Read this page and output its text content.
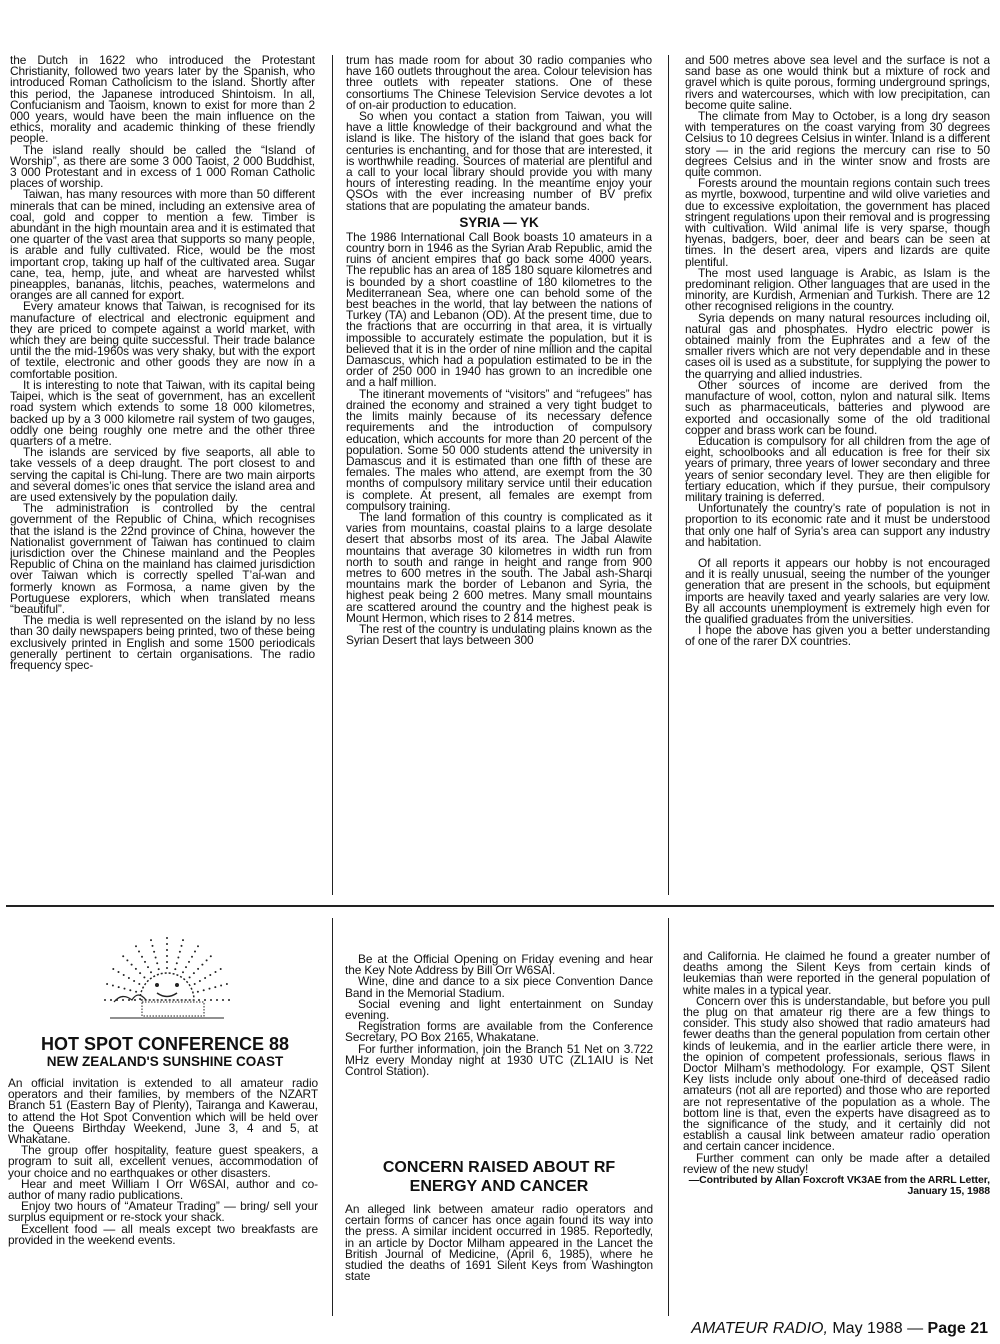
the Dutch in 1622 who introduced the Protestant Christianity, followed two years later by the Spanish, who introduced Roman Catholicism to the island. Shortly after this period, the Japanese introduced Shintoism. In all, Confucianism and Taoism, known to exist for more than 2 000 years, would have been the main influence on the ethics, morality and academic thinking of these friendly people.

The island really should be called the “Island of Worship”, as there are some 3 000 Taoist, 2 000 Buddhist, 3 000 Protestant and in excess of 1 000 Roman Catholic places of worship.

Taiwan, has many resources with more than 50 different minerals that can be mined, including an extensive area of coal, gold and copper to mention a few. Timber is abundant in the high mountain area and it is estimated that one quarter of the vast area that supports so many people, is arable and fully cultivated. Rice, would be the most important crop, taking up half of the cultivated area. Sugar cane, tea, hemp, jute, and wheat are harvested whilst pineapples, bananas, litchis, peaches, watermelons and oranges are all canned for export.

Every amateur knows that Taiwan, is recognised for its manufacture of electrical and electronic equipment and they are priced to compete against a world market, with which they are being quite successful. Their trade balance until the the mid-1960s was very shaky, but with the export of textile, electronic and other goods they are now in a comfortable position.

It is interesting to note that Taiwan, with its capital being Taipei, which is the seat of government, has an excellent road system which extends to some 18 000 kilometres, backed up by a 3 000 kilometre rail system of two gauges, oddly one being roughly one metre and the other three quarters of a metre.

The islands are serviced by five seaports, all able to take vessels of a deep draught. The port closest to and serving the capital is Chi-lung. There are two main airports and several domes’ic ones that service the island area and are used extensively by the population daily.

The administration is controlled by the central government of the Republic of China, which recognises that the island is the 22nd province of China, however the Nationalist government of Taiwan has continued to claim jurisdiction over the Chinese mainland and the Peoples Republic of China on the mainland has claimed jurisdiction over Taiwan which is correctly spelled T’ai-wan and formerly known as Formosa, a name given by the Portuguese explorers, which when translated means “beautiful”.

The media is well represented on the island by no less than 30 daily newspapers being printed, two of these being exclusively printed in English and some 1500 periodicals generally pertinent to certain organisations. The radio frequency spec-

trum has made room for about 30 radio companies who have 160 outlets throughout the area. Colour television has three outlets with repeater stations. One of these consortiums The Chinese Television Service devotes a lot of on-air production to education.

So when you contact a station from Taiwan, you will have a little knowledge of their background and what the island is like. The history of the island that goes back for centuries is enchanting, and for those that are interested, it is worthwhile reading. Sources of material are plentiful and a call to your local library should provide you with many hours of interesting reading. In the meantime enjoy your QSOs with the ever increasing number of BV prefix stations that are populating the amateur bands.

SYRIA — YK

The 1986 International Call Book boasts 10 amateurs in a country born in 1946 as the Syrian Arab Republic, amid the ruins of ancient empires that go back some 4000 years. The republic has an area of 185 180 square kilometres and is bounded by a short coastline of 180 kilometres to the Mediterranean Sea, where one can behold some of the best beaches in the world, that lay between the nations of Turkey (TA) and Lebanon (OD). At the present time, due to the fractions that are occurring in that area, it is virtually impossible to accurately estimate the population, but it is believed that it is in the order of nine million and the capital Damascus, which had a population estimated to be in the order of 250 000 in 1940 has grown to an incredible one and a half million.

The itinerant movements of “visitors” and “refugees” has drained the economy and strained a very tight budget to the limits mainly because of its necessary defence requirements and the introduction of compulsory education, which accounts for more than 20 percent of the population. Some 50 000 students attend the university in Damascus and it is estimated than one fifth of these are females. The males who attend, are exempt from the 30 months of compulsory military service until their education is complete. At present, all females are exempt from compulsory training.

The land formation of this country is complicated as it varies from mountains, coastal plains to a large desolate desert that absorbs most of its area. The Jabal Alawite mountains that average 30 kilometres in width run from north to south and range in height and range from 900 metres to 600 metres in the south. The Jabal ash-Sharqi mountains mark the border of Lebanon and Syria, the highest peak being 2 600 metres. Many small mountains are scattered around the country and the highest peak is Mount Hermon, which rises to 2 814 metres.

The rest of the country is undulating plains known as the Syrian Desert that lays between 300

and 500 metres above sea level and the surface is not a sand base as one would think but a mixture of rock and gravel which is quite porous, forming underground springs, rivers and watercourses, which with low precipitation, can become quite saline.

The climate from May to October, is a long dry season with temperatures on the coast varying from 30 degrees Celsius to 10 degrees Celsius in winter. Inland is a different story — in the arid regions the mercury can rise to 50 degrees Celsius and in the winter snow and frosts are quite common.

Forests around the mountain regions contain such trees as myrtle, boxwood, turpentine and wild olive varieties and due to excessive exploitation, the government has placed stringent regulations upon their removal and is progressing with cultivation. Wild animal life is very sparse, though hyenas, badgers, boer, deer and bears can be seen at times. In the desert area, vipers and lizards are quite plentiful.

The most used language is Arabic, as Islam is the predominant religion. Other languages that are used in the minority, are Kurdish, Armenian and Turkish. There are 12 other recognised religions in the country.

Syria depends on many natural resources including oil, natural gas and phosphates. Hydro electric power is obtained mainly from the Euphrates and a few of the smaller rivers which are not very dependable and in these cases oil is used as a substitute, for supplying the power to the quarrying and allied industries.

Other sources of income are derived from the manufacture of wool, cotton, nylon and natural silk. Items such as pharmaceuticals, batteries and plywood are exported and occasionally some of the old traditional copper and brass work can be found.

Education is compulsory for all children from the age of eight, schoolbooks and all education is free for their six years of primary, three years of lower secondary and three years of senior secondary level. They are then eligible for tertiary education, which if they pursue, their compulsory military training is deferred.

Unfortunately the country’s rate of population is not in proportion to its economic rate and it must be understood that only one half of Syria’s area can support any industry and habitation.

Of all reports it appears our hobby is not encouraged and it is really unusual, seeing the number of the younger generation that are present in the schools, but equipment imports are heavily taxed and yearly salaries are very low. By all accounts unemployment is extremely high even for the qualified graduates from the universities.

I hope the above has given you a better understanding of one of the rarer DX countries.

HOT SPOT CONFERENCE 88
NEW ZEALAND'S SUNSHINE COAST

An official invitation is extended to all amateur radio operators and their families, by members of the NZART Branch 51 (Eastern Bay of Plenty), Tairanga and Kawerau, to attend the Hot Spot Convention which will be held over the Queens Birthday Weekend, June 3, 4 and 5, at Whakatane.

The group offer hospitality, feature guest speakers, a program to suit all, excellent venues, accommodation of your choice and no earthquakes or other disasters.

Hear and meet William I Orr W6SAI, author and co-author of many radio publications.

Enjoy two hours of “Amateur Trading” — bring/ sell your surplus equipment or re-stock your shack.

Excellent food — all meals except two breakfasts are provided in the weekend events.

Be at the Official Opening on Friday evening and hear the Key Note Address by Bill Orr W6SAI.

Wine, dine and dance to a six piece Convention Dance Band in the Memorial Stadium.

Social evening and light entertainment on Sunday evening.

Registration forms are available from the Conference Secretary, PO Box 2165, Whakatane.

For further information, join the Branch 51 Net on 3.722 MHz every Monday night at 1930 UTC (ZL1AIU is Net Control Station).

CONCERN RAISED ABOUT RF
ENERGY AND CANCER

An alleged link between amateur radio operators and certain forms of cancer has once again found its way into the press. A similar incident occurred in 1985. Reportedly, in an article by Doctor Milham appeared in the Lancet the British Journal of Medicine, (April 6, 1985), where he studied the deaths of 1691 Silent Keys from Washington state

and California. He claimed he found a greater number of deaths among the Silent Keys from certain kinds of leukemias than were reported in the general population of white males in a typical year.

Concern over this is understandable, but before you pull the plug on that amateur rig there are a few things to consider. This study also showed that radio amateurs had fewer deaths than the general population from certain other kinds of leukemia, and in the earlier article there were, in the opinion of competent professionals, serious flaws in Doctor Milham’s methodology. For example, QST Silent Key lists include only about one-third of deceased radio amateurs (not all are reported) and those who are reported are not representative of the population as a whole. The bottom line is that, even the experts have disagreed as to the significance of the study, and it certainly did not establish a causal link between amateur radio operation and certain cancer incidence.

Further comment can only be made after a detailed review of the new study!

—Contributed by Allan Foxcroft VK3AE from the ARRL Letter,
January 15, 1988
AMATEUR RADIO, May 1988 — Page 21
